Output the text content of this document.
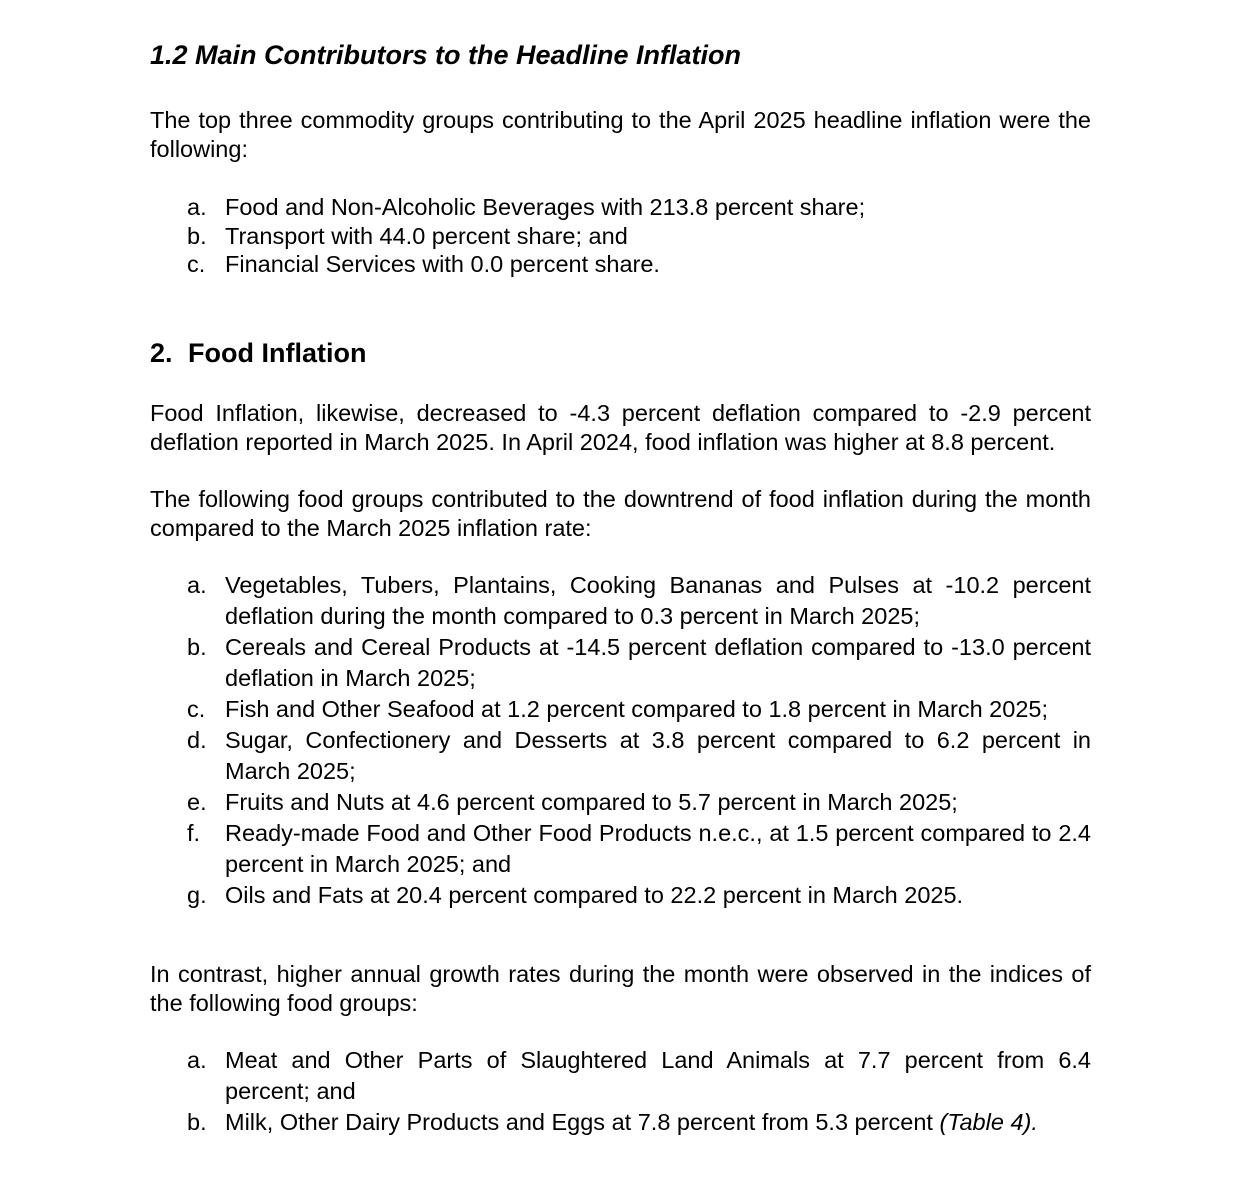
1.2 Main Contributors to the Headline Inflation

The top three commodity groups contributing to the April 2025 headline inflation were the following:

a. Food and Non-Alcoholic Beverages with 213.8 percent share;
b. Transport with 44.0 percent share; and
c. Financial Services with 0.0 percent share.
2. Food Inflation

Food Inflation, likewise, decreased to -4.3 percent deflation compared to -2.9 percent deflation reported in March 2025. In April 2024, food inflation was higher at 8.8 percent.

The following food groups contributed to the downtrend of food inflation during the month compared to the March 2025 inflation rate:

a. Vegetables, Tubers, Plantains, Cooking Bananas and Pulses at -10.2 percent deflation during the month compared to 0.3 percent in March 2025;
b. Cereals and Cereal Products at -14.5 percent deflation compared to -13.0 percent deflation in March 2025;
c. Fish and Other Seafood at 1.2 percent compared to 1.8 percent in March 2025;
d. Sugar, Confectionery and Desserts at 3.8 percent compared to 6.2 percent in March 2025;
e. Fruits and Nuts at 4.6 percent compared to 5.7 percent in March 2025;
f. Ready-made Food and Other Food Products n.e.c., at 1.5 percent compared to 2.4 percent in March 2025; and
g. Oils and Fats at 20.4 percent compared to 22.2 percent in March 2025.

In contrast, higher annual growth rates during the month were observed in the indices of the following food groups:

a. Meat and Other Parts of Slaughtered Land Animals at 7.7 percent from 6.4 percent; and
b. Milk, Other Dairy Products and Eggs at 7.8 percent from 5.3 percent (Table 4).
